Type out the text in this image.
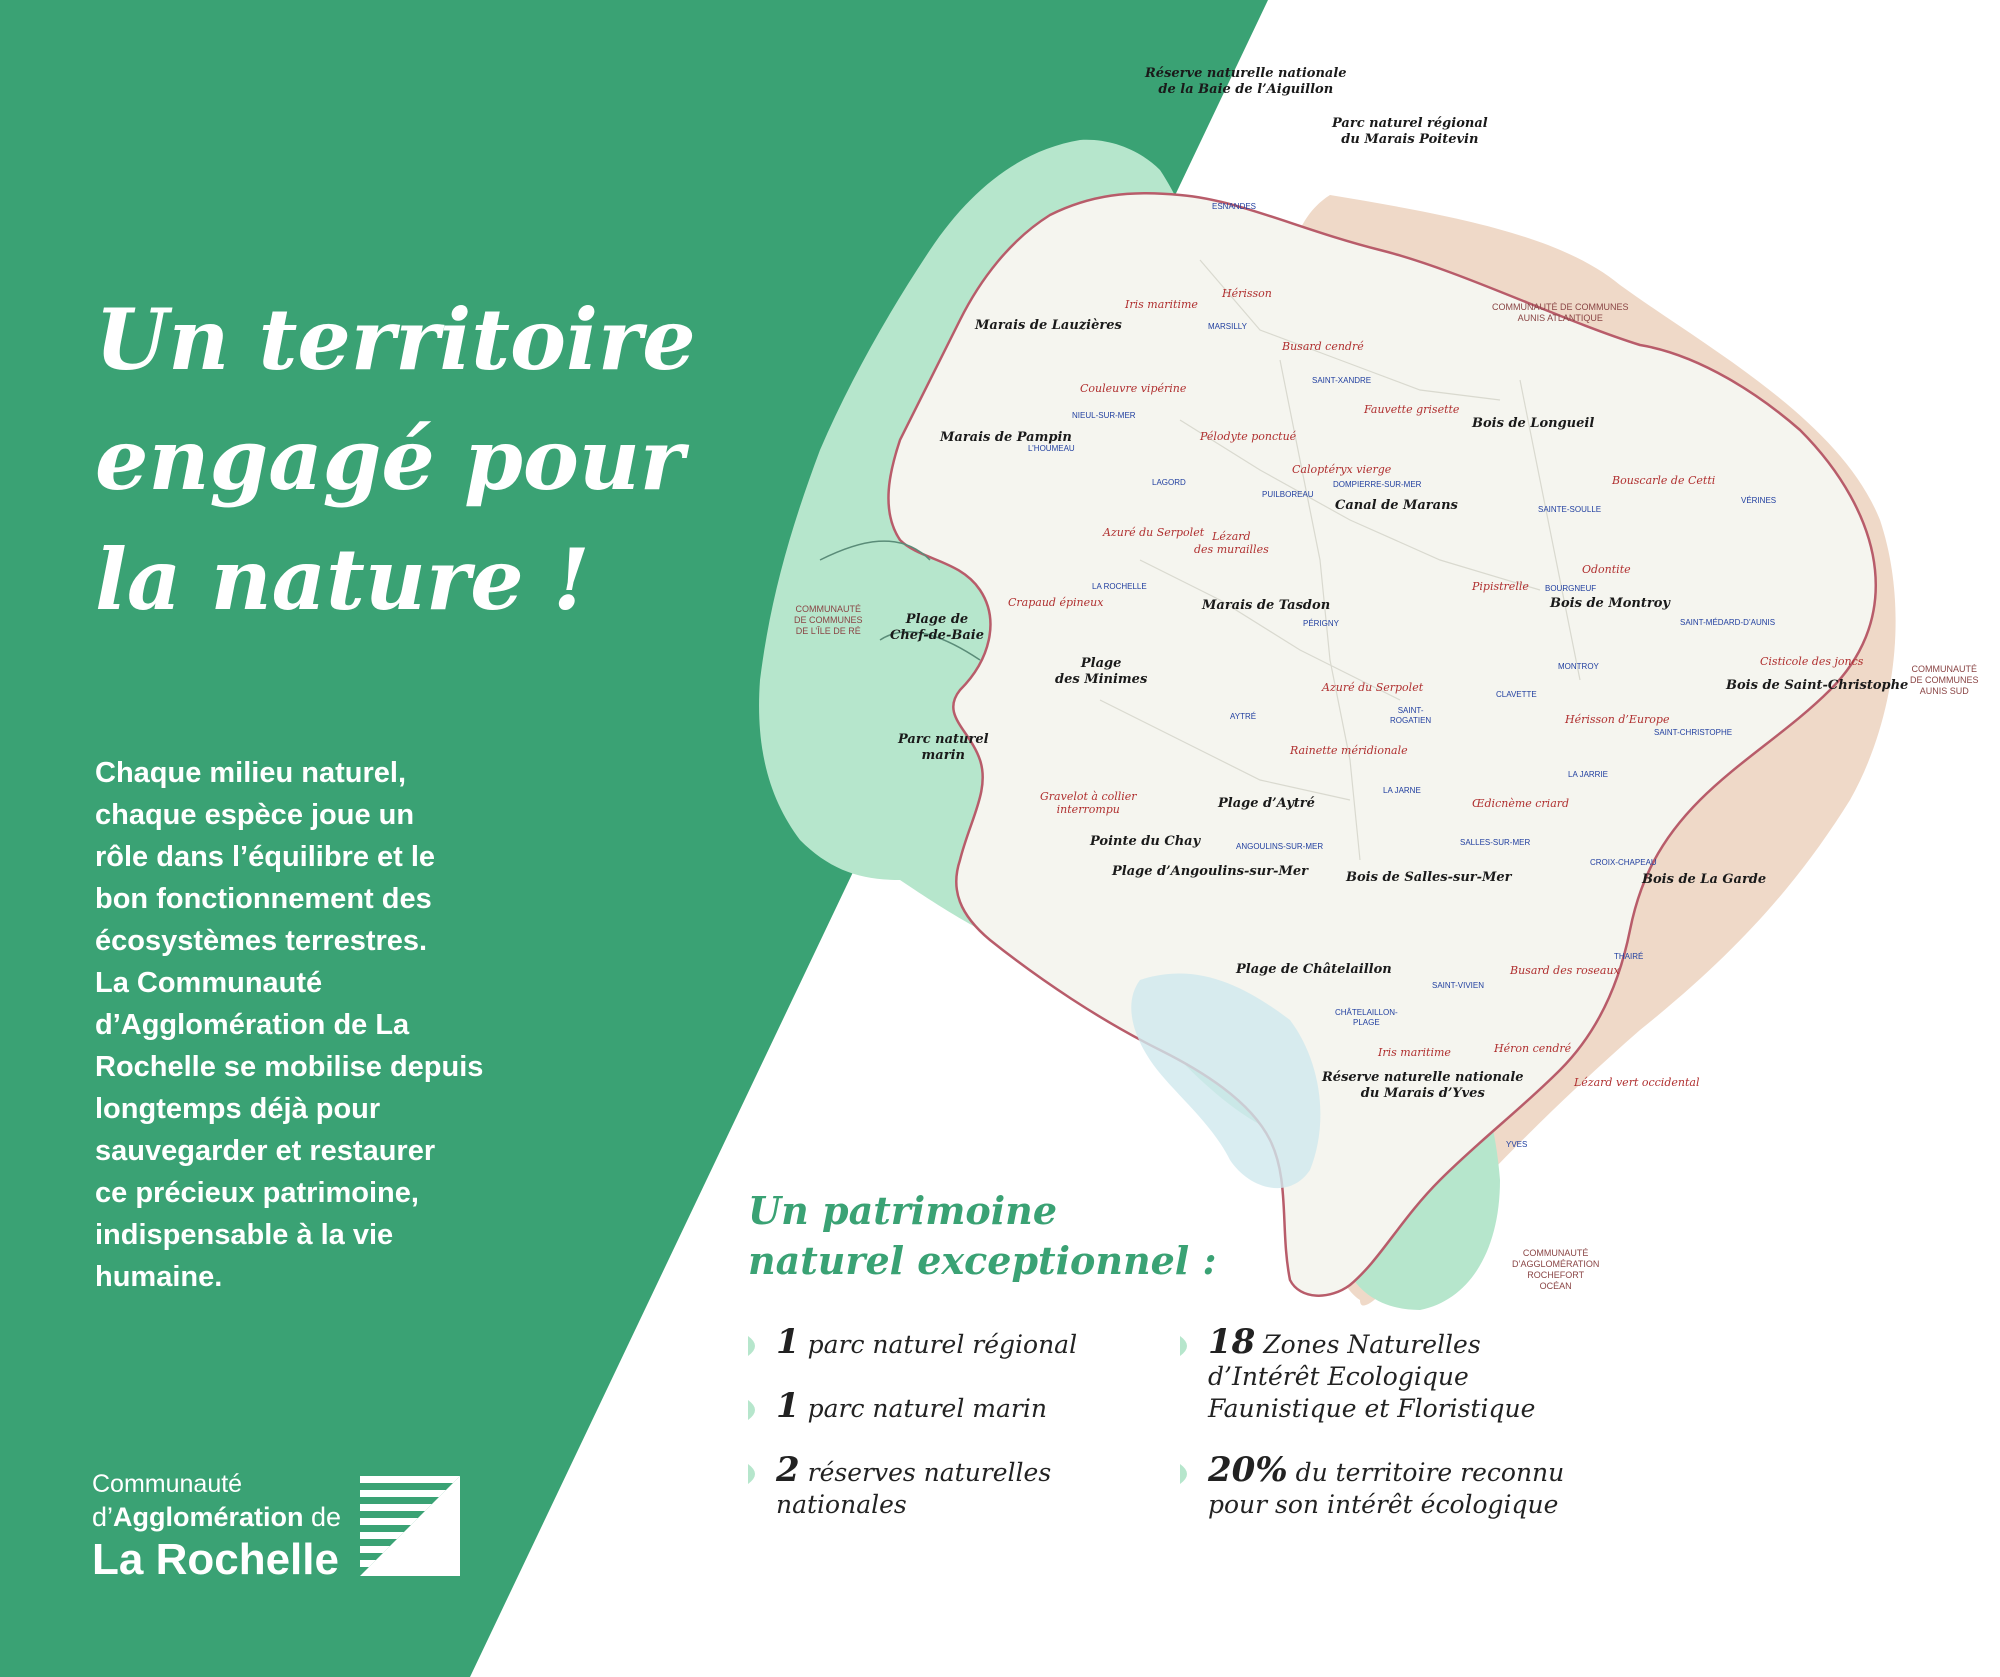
Un territoire
engagé pour
la nature !

Chaque milieu naturel,
chaque espèce joue un
rôle dans l’équilibre et le
bon fonctionnement des
écosystèmes terrestres.
La Communauté
d’Agglomération de La
Rochelle se mobilise depuis
longtemps déjà pour
sauvegarder et restaurer
ce précieux patrimoine,
indispensable à la vie
humaine.

Communauté
d’Agglomération de
La Rochelle
Un patrimoine
naturel exceptionnel :
1 parc naturel régional
1 parc naturel marin
2 réserves naturelles
nationales
18 Zones Naturelles
d’Intérêt Ecologique
Faunistique et Floristique
20% du territoire reconnu
pour son intérêt écologique
Réserve naturelle nationale
de la Baie de l’Aiguillon
Parc naturel régional
du Marais Poitevin
Marais de Lauzières
Marais de Pampin
Bois de Longueil
Canal de Marans
Marais de Tasdon	Bois de Montroy
Bois de Saint-Christophe
Plage de
Chef-de-Baie
Plage
des Minimes
Parc naturel
marin
Plage d’Aytré
Pointe du Chay
Plage d’Angoulins-sur-Mer	Bois de Salles-sur-Mer	Bois de La Garde
Plage de Châtelaillon
Réserve naturelle nationale
du Marais d’Yves
Iris maritime
Hérisson
Busard cendré
Couleuvre vipérine
Fauvette grisette
Pélodyte ponctué
Caloptéryx vierge
Bouscarle de Cetti
Azuré du Serpolet Lézard
des murailles
Pipistrelle
Odontite
Crapaud épineux
Cisticole des joncs
Azuré du Serpolet
Hérisson d’Europe
Rainette méridionale
Gravelot à collier
interrompu	Œdicnème criard
Busard des roseaux
Iris maritime	Héron cendré
Lézard vert occidental
ESNANDES
MARSILLY
SAINT-XANDRE
NIEUL-SUR-MER
L’HOUMEAU
LAGORD
PUILBOREAU
DOMPIERRE-SUR-MER
SAINTE-SOULLE
VÉRINES
BOURGNEUF
LA ROCHELLE
PÉRIGNY	SAINT-MÉDARD-D’AUNIS
MONTROY
AYTRÉ
SAINT-
ROGATIEN
CLAVETTE
SAINT-CHRISTOPHE
LA JARRIE
LA JARNE
ANGOULINS-SUR-MER	SALLES-SUR-MER
CROIX-CHAPEAU
THAIRÉ
SAINT-VIVIEN
CHÂTELAILLON-
PLAGE
YVES
COMMUNAUTÉ DE COMMUNES
AUNIS ATLANTIQUE
COMMUNAUTÉ
DE COMMUNES
DE L’ÎLE DE RÉ
COMMUNAUTÉ
DE COMMUNES
AUNIS SUD
COMMUNAUTÉ
D’AGGLOMÉRATION
ROCHEFORT
OCÉAN
